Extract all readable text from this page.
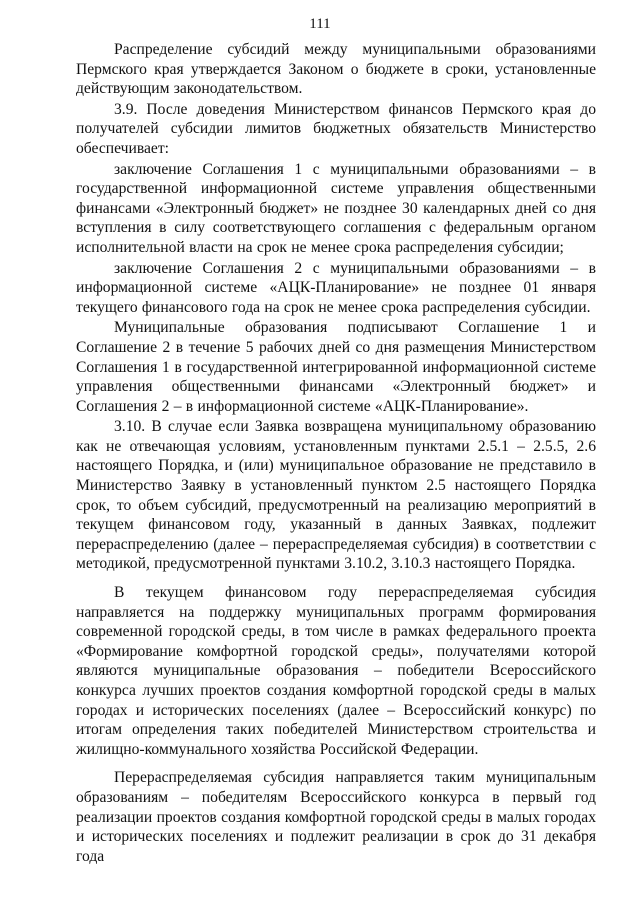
111

Распределение субсидий между муниципальными образованиями Пермского края утверждается Законом о бюджете в сроки, установленные действующим законодательством.

3.9. После доведения Министерством финансов Пермского края до получателей субсидии лимитов бюджетных обязательств Министерство обеспечивает:

заключение Соглашения 1 с муниципальными образованиями – в государственной информационной системе управления общественными финансами «Электронный бюджет» не позднее 30 календарных дней со дня вступления в силу соответствующего соглашения с федеральным органом исполнительной власти на срок не менее срока распределения субсидии;

заключение Соглашения 2 с муниципальными образованиями – в информационной системе «АЦК-Планирование» не позднее 01 января текущего финансового года на срок не менее срока распределения субсидии.

Муниципальные образования подписывают Соглашение 1 и Соглашение 2 в течение 5 рабочих дней со дня размещения Министерством Соглашения 1 в государственной интегрированной информационной системе управления общественными финансами «Электронный бюджет» и Соглашения 2 – в информационной системе «АЦК-Планирование».

3.10. В случае если Заявка возвращена муниципальному образованию как не отвечающая условиям, установленным пунктами 2.5.1 – 2.5.5, 2.6 настоящего Порядка, и (или) муниципальное образование не представило в Министерство Заявку в установленный пунктом 2.5 настоящего Порядка срок, то объем субсидий, предусмотренный на реализацию мероприятий в текущем финансовом году, указанный в данных Заявках, подлежит перераспределению (далее – перераспределяемая субсидия) в соответствии с методикой, предусмотренной пунктами 3.10.2, 3.10.3 настоящего Порядка.

В текущем финансовом году перераспределяемая субсидия направляется на поддержку муниципальных программ формирования современной городской среды, в том числе в рамках федерального проекта «Формирование комфортной городской среды», получателями которой являются муниципальные образования – победители Всероссийского конкурса лучших проектов создания комфортной городской среды в малых городах и исторических поселениях (далее – Всероссийский конкурс) по итогам определения таких победителей Министерством строительства и жилищно-коммунального хозяйства Российской Федерации.

Перераспределяемая субсидия направляется таким муниципальным образованиям – победителям Всероссийского конкурса в первый год реализации проектов создания комфортной городской среды в малых городах и исторических поселениях и подлежит реализации в срок до 31 декабря года
